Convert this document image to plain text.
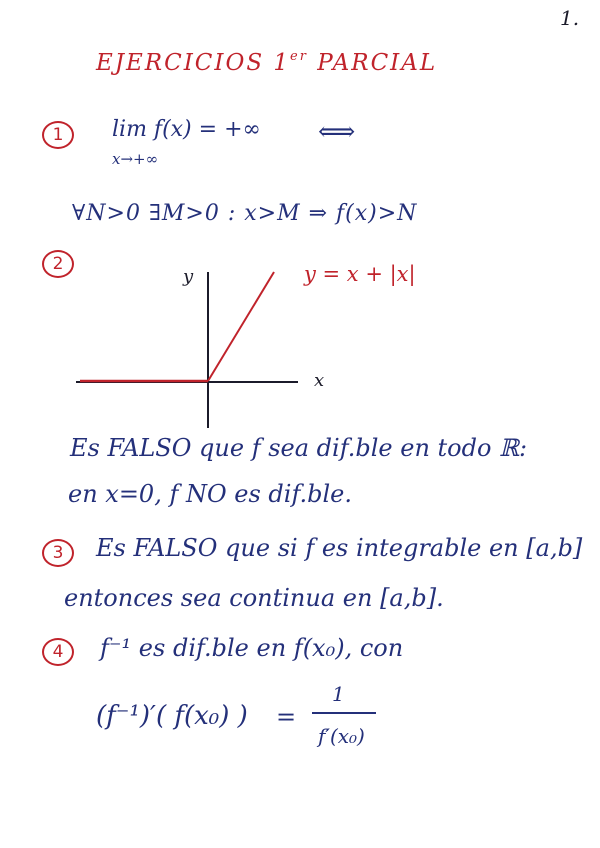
1.
EJERCICIOS 1er PARCIAL
1	lim f(x) = +∞
x→+∞
⟺
∀N>0 ∃M>0 : x>M ⇒ f(x)>N
2
y
x
y = x + |x|
Es FALSO que f sea dif.ble en todo ℝ:
en x=0, f NO es dif.ble.
3	Es FALSO que si f es integrable en [a,b]
entonces sea continua en [a,b].
4	f⁻¹ es dif.ble en f(x₀), con
(f⁻¹)′( f(x₀) ) =
1
f′(x₀)
